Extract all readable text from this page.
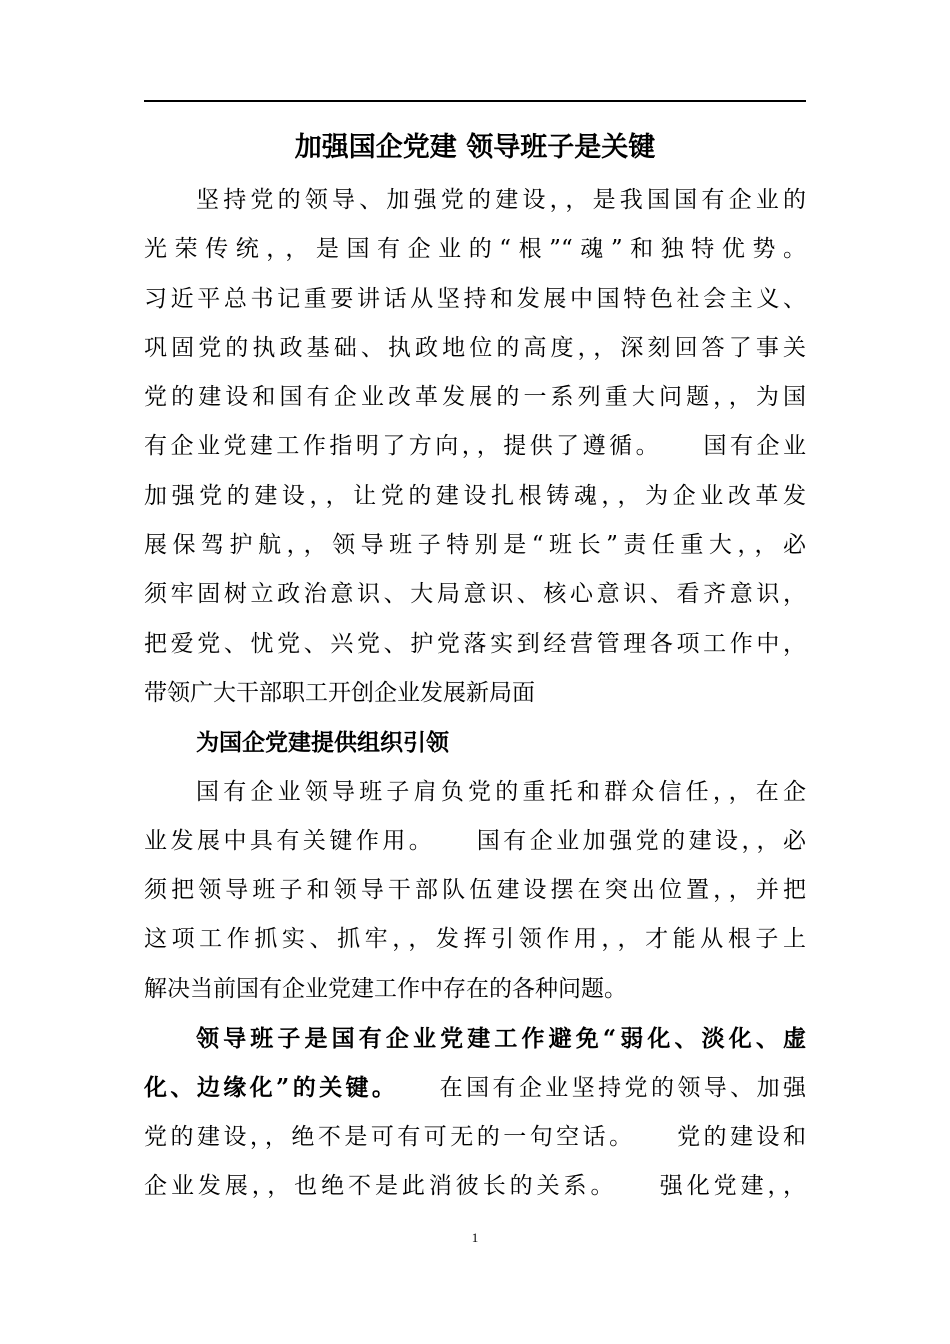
加强国企党建 领导班子是关键
坚持党的领导、加强党的建设，，是我国国有企业的
光荣传统，，是国有企业的“根”“魂”和独特优势。
习近平总书记重要讲话从坚持和发展中国特色社会主义、
巩固党的执政基础、执政地位的高度，，深刻回答了事关
党的建设和国有企业改革发展的一系列重大问题，，为国
有企业党建工作指明了方向，，提供了遵循。　　国有企业
加强党的建设，，让党的建设扎根铸魂，，为企业改革发
展保驾护航，，领导班子特别是“班长”责任重大，，必
须牢固树立政治意识、大局意识、核心意识、看齐意识，
把爱党、忧党、兴党、护党落实到经营管理各项工作中，
带领广大干部职工开创企业发展新局面
为国企党建提供组织引领
国有企业领导班子肩负党的重托和群众信任，，在企
业发展中具有关键作用。　　国有企业加强党的建设，，必
须把领导班子和领导干部队伍建设摆在突出位置，，并把
这项工作抓实、抓牢，，发挥引领作用，，才能从根子上
解决当前国有企业党建工作中存在的各种问题。
领导班子是国有企业党建工作避免“弱化、淡化、虚
化、边缘化”的关键。　　在国有企业坚持党的领导、加强
党的建设，，绝不是可有可无的一句空话。　　党的建设和
企业发展，，也绝不是此消彼长的关系。　　强化党建，，
1
